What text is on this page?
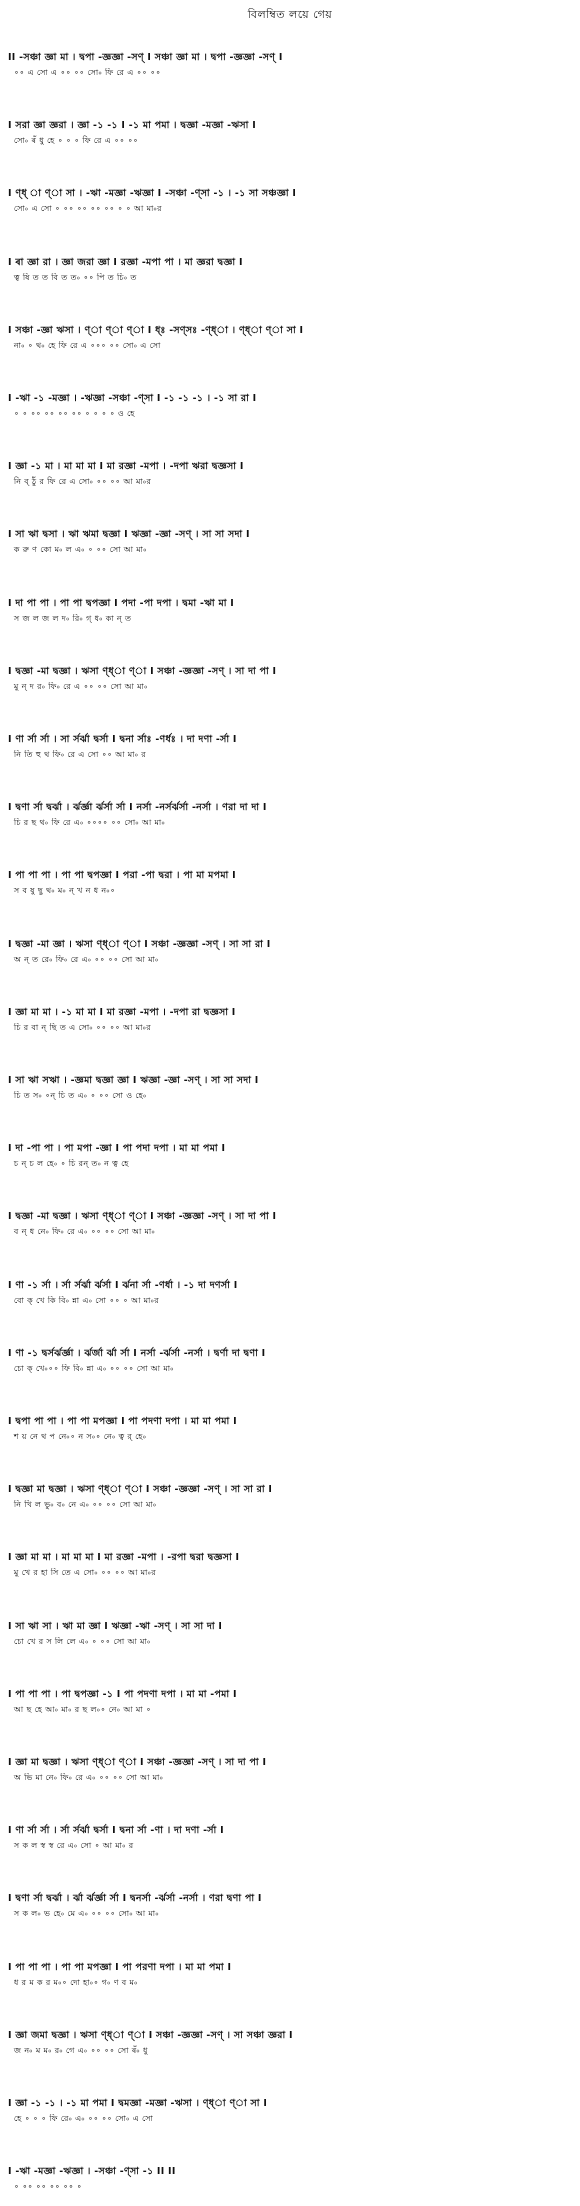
বিলম্বিত লয়ে গেয়
II -সঞ্চা জ্ঞা মা । দ্বপা -জ্ঞজ্ঞা -সণ্ I সঞ্চা জ্ঞা মা । দ্বপা -জ্ঞজ্ঞা -সণ্ I
∘∘ এ সো এ ∘∘ ∘∘ সো৹ ফি রে এ ∘∘ ∘∘
I সরা জ্ঞা জ্ঞরা । জ্ঞা -১ -১ I -১ মা পমা । দ্বজ্ঞা -মজ্ঞা -ঋসা I
সো৹ ৰঁ ধু হে ∘ ∘ ∘ ফি রে এ ∘∘ ∘∘
I ণ্ধ্ া ণ্া সা । -ঋা -মজ্ঞা -ঋজ্ঞা I -সঞ্চা -ণ্সা -১ । -১ সা সঞ্চজ্ঞা I
সো৹ এ সো ∘ ∘∘ ∘∘ ∘∘ ∘∘ ∘ ∘ আ মা৹র
I ৰা জ্ঞা রা । জ্ঞা জরা জ্ঞা I রজ্ঞা -মপা পা । মা জ্ঞরা দ্বজ্ঞা I
ত্ব ষি ত ত বি ত ত৹ ∘∘ পি ত চি৹ ত
I সঞ্চা -জ্ঞা ঋসা । ণ্া ণ্া ণ্া I ধ্ঃ -সণ্সঃ -ণ্ধ্া । ণ্ধ্া ণ্া সা I
না৹ ∘ থ৹ হে ফি রে এ ∘∘∘ ∘∘ সো৹ এ সো
I -ঋা -১ -মজ্ঞা । -ঋজ্ঞা -সঞ্চা -ণ্সা I -১ -১ -১ । -১ সা রা I
∘ ∘ ∘∘ ∘∘ ∘∘ ∘∘ ∘ ∘ ∘ ∘ ও হে
I জ্ঞা -১ মা । মা মা মা I মা রজ্ঞা -মপা । -দপা ঋরা দ্বজ্ঞসা I
নি ব্ ঠুঁ র ফি রে এ সো৹ ∘∘ ∘∘ আ মা৹র
I সা ঋা দ্বসা । ঋা ঋমা দ্বজ্ঞা I ঋজ্ঞা -জ্ঞা -সণ্ । সা সা সদা I
ক রু ণ কো ম৹ ল এ৹ ∘ ∘∘ সো আ মা৹
I দা পা পা । পা পা দ্বপজ্ঞা I পদা -পা দপা । দ্বমা -ঋা মা I
স জ ল জ ল দ৹ রি৹ গ্ ধ৹ কা ন্ ত
I দ্বজ্ঞা -মা দ্বজ্ঞা । ঋসা ণ্ধ্া ণ্া I সঞ্চা -জ্ঞজ্ঞা -সণ্ । সা দা পা I
মু ন্ দ র৹ ফি৹ রে এ ∘∘ ∘∘ সো আ মা৹
I ণা র্সা র্সা । সা র্সর্ঝা দ্বর্সা I দ্বনা র্সাঃ -ণর্ধঃ । দা দণা -র্সা I
নি তি হু থ ফি৹ রে এ সো ∘∘ আ মা৹ র
I দ্বণা র্সা দ্বর্ঝা । র্ঝর্জ্ঞা র্ঝর্সা র্সা I নর্সা -নর্সর্ঝর্সা -নর্সা । ণরা দা দা I
চি র ছ থ৹ ফি রে এ৹ ∘∘∘∘ ∘∘ সো৹ আ মা৹
I পা পা পা । পা পা দ্বপজ্ঞা I পরা -পা দ্বরা । পা মা মপমা I
স ব ষু ছু থ৹ ম৹ ন্ খ ন ধ ন৹∘
I দ্বজ্ঞা -মা জ্ঞা । ঋসা ণ্ধ্া ণ্া I সঞ্চা -জ্ঞজ্ঞা -সণ্ । সা সা রা I
অ ন্ ত রে৹ ফি৹ রে এ৹ ∘∘ ∘∘ সো আ মা৹
I জ্ঞা মা মা । -১ মা মা I মা রজ্ঞা -মপা । -দপা রা দ্বজ্ঞসা I
চি র বা ন্ ছি ত এ সো৹ ∘∘ ∘∘ আ মা৹র
I সা ঋা সঋা । -জ্ঞমা দ্বজ্ঞা জ্ঞা I ঋজ্ঞা -জ্ঞা -সণ্ । সা সা সদা I
চি ত স৹ ∘ন্ চি ত এ৹ ∘ ∘∘ সো ও হে৹
I দা -পা পা । পা মপা -জ্ঞা I পা পদা দপা । মা মা পমা I
চ ন্ চ ল হে৹ ∘ চি রন্ ত৹ ন ত্ব হে
I দ্বজ্ঞা -মা দ্বজ্ঞা । ঋসা ণ্ধ্া ণ্া I সঞ্চা -জ্ঞজ্ঞা -সণ্ । সা দা পা I
ব ন্ ধ নে৹ ফি৹ রে এ৹ ∘∘ ∘∘ সো আ মা৹
I ণা -১ র্সা । র্সা র্সর্ঝা র্ঝর্সা I র্ঝনা র্সা -ণর্ধা । -১ দা দণর্সা I
বো ক্ খে কি বি৹ ন্না এ৹ সো ∘∘ ∘ আ মা৹র
I ণা -১ দ্বর্সর্ঝর্জ্ঞা । র্ঝর্জা র্ঝা র্সা I নর্সা -র্ঝর্সা -নর্সা । দ্বর্ণা দা দ্বণা I
চো ক্ খে৹∘∘ ফি বি৹ ন্না এ৹ ∘∘ ∘∘ সো আ মা৹
I দ্বপা পা পা । পা পা মপজ্ঞা I পা পদণা দপা । মা মা পমা I
শ য় নে থ প নে৹∘ ন স৹∘ নে৹ ত্ব র্ হে৹
I দ্বজ্ঞা মা দ্বজ্ঞা । ঋসা ণ্ধ্া ণ্া I সঞ্চা -জ্ঞজ্ঞা -সণ্ । সা সা রা I
নি খি ল ভু৹ ব৹ নে এ৹ ∘∘ ∘∘ সো আ মা৹
I জ্ঞা মা মা । মা মা মা I মা রজ্ঞা -মপা । -রপা দ্বরা দ্বজ্ঞসা I
মু খে র হা সি তে এ সো৹ ∘∘ ∘∘ আ মা৹র
I সা ঋা সা । ঋা মা জ্ঞা I ঋজ্ঞা -ঋা -সণ্ । সা সা দা I
চো খে র স লি লে এ৹ ∘ ∘∘ সো আ মা৹
I পা পা পা । পা দ্বপজ্ঞা -১ I পা পদণা দপা । মা মা -পমা I
আ ছ হে আ৹ মা৹ র ছ ল৹∘ নে৹ আ মা ∘
I জ্ঞা মা দ্বজ্ঞা । ঋসা ণ্ধ্া ণ্া I সঞ্চা -জ্ঞজ্ঞা -সণ্ । সা দা পা I
অ ভি মা নে৹ ফি৹ রে এ৹ ∘∘ ∘∘ সো আ মা৹
I ণা র্সা র্সা । র্সা র্সর্ঝা দ্বর্সা I দ্বনা র্সা -ণা । দা দণা -র্সা I
স ক ল স্ব স্ব রে এ৹ সো ∘ আ মা৹ র
I দ্বণা র্সা দ্বর্ঝা । র্ঝা র্ঝর্জ্ঞা র্সা I দ্বনর্সা -র্ঝর্সা -নর্সা । ণরা দ্বণা পা I
স ক ল৹ ভ হে৹ মে এ৹ ∘∘ ∘∘ সো৹ আ মা৹
I পা পা পা । পা পা মপজ্ঞা I পা পরণা দপা । মা মা পমা I
ধ র ম ক র ম৹∘ দো হা৹∘ গ৹ ণ ব ম৹
I জ্ঞা জমা দ্বজ্ঞা । ঋসা ণ্ধ্া ণ্া I সঞ্চা -জ্ঞজ্ঞা -সণ্ । সা সঞ্চা জ্ঞরা I
জ ন৹ ম ম৹ র৹ গে এ৹ ∘∘ ∘∘ সো ৰঁ৹ ধু
I জ্ঞা -১ -১ । -১ মা পমা I দ্বমজ্ঞা -মজ্ঞা -ঋসা । ণ্ধ্া ণ্া সা I
হে ∘ ∘ ∘ ফি রে৹ এ৹ ∘∘ ∘∘ সো৹ এ সো
I -ঋা -মজ্ঞা -ঋজ্ঞা । -সঞ্চা -ণ্সা -১ II II
∘ ∘∘ ∘∘ ∘∘ ∘∘ ∘
